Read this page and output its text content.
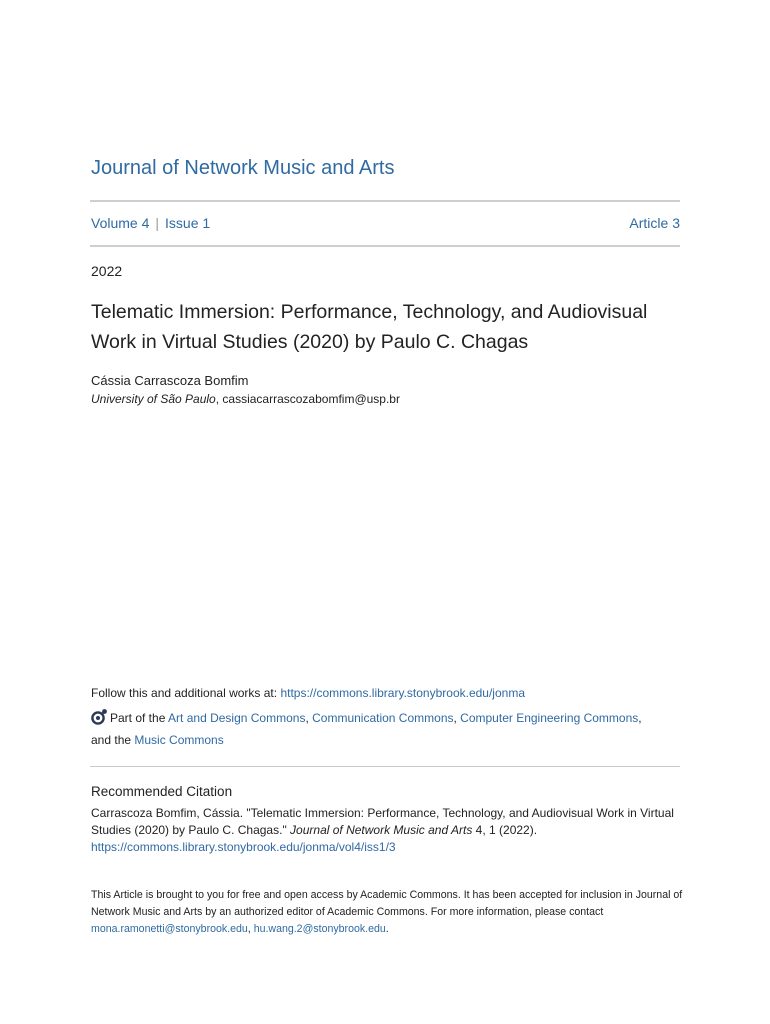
Journal of Network Music and Arts
Volume 4 | Issue 1	Article 3
2022
Telematic Immersion: Performance, Technology, and Audiovisual Work in Virtual Studies (2020) by Paulo C. Chagas
Cássia Carrascoza Bomfim
University of São Paulo, cassiacarrascozabomfim@usp.br
Follow this and additional works at: https://commons.library.stonybrook.edu/jonma
Part of the Art and Design Commons, Communication Commons, Computer Engineering Commons,
and the Music Commons
Recommended Citation
Carrascoza Bomfim, Cássia. "Telematic Immersion: Performance, Technology, and Audiovisual Work in Virtual Studies (2020) by Paulo C. Chagas." Journal of Network Music and Arts 4, 1 (2022).
https://commons.library.stonybrook.edu/jonma/vol4/iss1/3
This Article is brought to you for free and open access by Academic Commons. It has been accepted for inclusion in Journal of Network Music and Arts by an authorized editor of Academic Commons. For more information, please contact mona.ramonetti@stonybrook.edu, hu.wang.2@stonybrook.edu.
